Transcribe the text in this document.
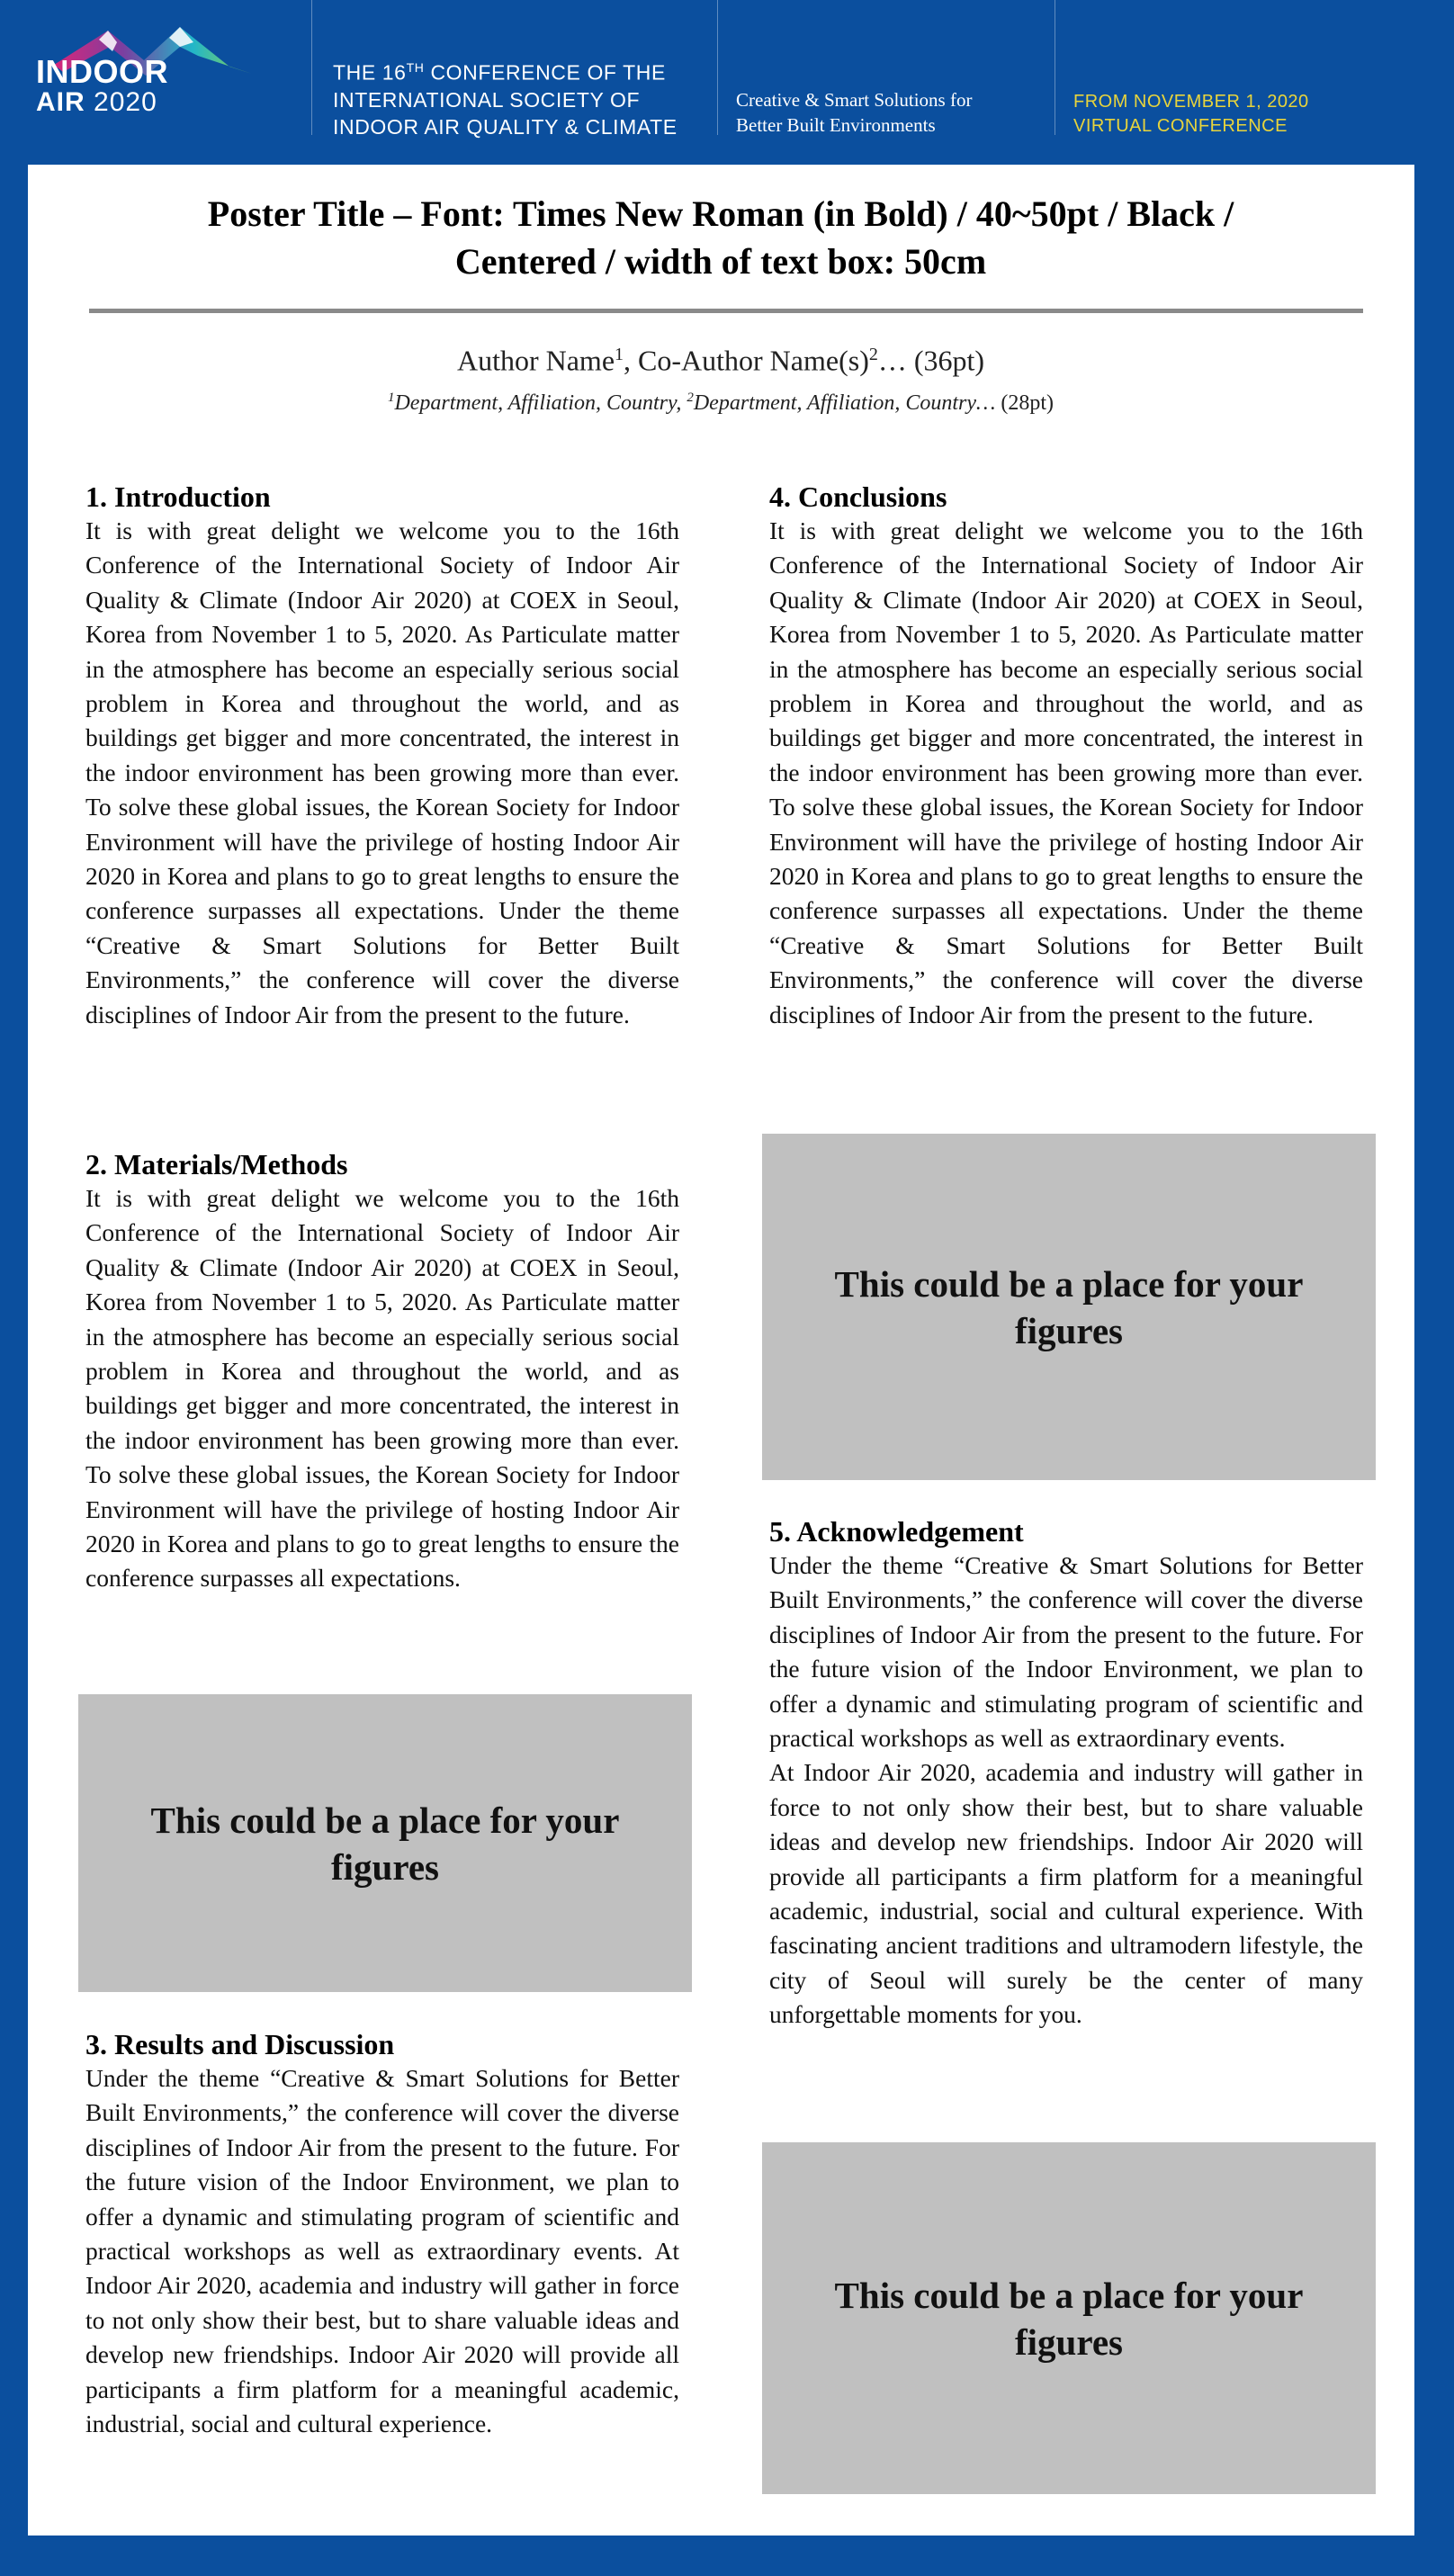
INDOOR
AIR 2020
THE 16TH CONFERENCE OF THE
INTERNATIONAL SOCIETY OF
INDOOR AIR QUALITY & CLIMATE
Creative & Smart Solutions for
Better Built Environments
FROM NOVEMBER 1, 2020
VIRTUAL CONFERENCE
Poster Title – Font: Times New Roman (in Bold) / 40~50pt / Black /
Centered / width of text box: 50cm
Author Name$^1$, Co-Author $Name(s)^2\dots$ (36pt)
$^1$Department, Affiliation, Country, $^2$Department, Affiliation, Country… (28pt)
1. Introduction

It is with great delight we welcome you to the 16th Conference of the International Society of Indoor Air Quality & Climate (Indoor Air 2020) at COEX in Seoul, Korea from November 1 to 5, 2020. As Particulate matter in the atmosphere has become an especially serious social problem in Korea and throughout the world, and as buildings get bigger and more concentrated, the interest in the indoor environment has been growing more than ever. To solve these global issues, the Korean Society for Indoor Environment will have the privilege of hosting Indoor Air 2020 in Korea and plans to go to great lengths to ensure the conference surpasses all expectations. Under the theme “Creative & Smart Solutions for Better Built Environments,” the conference will cover the diverse disciplines of Indoor Air from the present to the future.

2. Materials/Methods

It is with great delight we welcome you to the 16th Conference of the International Society of Indoor Air Quality & Climate (Indoor Air 2020) at COEX in Seoul, Korea from November 1 to 5, 2020. As Particulate matter in the atmosphere has become an especially serious social problem in Korea and throughout the world, and as buildings get bigger and more concentrated, the interest in the indoor environment has been growing more than ever. To solve these global issues, the Korean Society for Indoor Environment will have the privilege of hosting Indoor Air 2020 in Korea and plans to go to great lengths to ensure the conference surpasses all expectations.

This could be a place for your figures
3. Results and Discussion

Under the theme “Creative & Smart Solutions for Better Built Environments,” the conference will cover the diverse disciplines of Indoor Air from the present to the future. For the future vision of the Indoor Environment, we plan to offer a dynamic and stimulating program of scientific and practical workshops as well as extraordinary events. At Indoor Air 2020, academia and industry will gather in force to not only show their best, but to share valuable ideas and develop new friendships. Indoor Air 2020 will provide all participants a firm platform for a meaningful academic, industrial, social and cultural experience.

4. Conclusions

It is with great delight we welcome you to the 16th Conference of the International Society of Indoor Air Quality & Climate (Indoor Air 2020) at COEX in Seoul, Korea from November 1 to 5, 2020. As Particulate matter in the atmosphere has become an especially serious social problem in Korea and throughout the world, and as buildings get bigger and more concentrated, the interest in the indoor environment has been growing more than ever. To solve these global issues, the Korean Society for Indoor Environment will have the privilege of hosting Indoor Air 2020 in Korea and plans to go to great lengths to ensure the conference surpasses all expectations. Under the theme “Creative & Smart Solutions for Better Built Environments,” the conference will cover the diverse disciplines of Indoor Air from the present to the future.

This could be a place for your figures
5. Acknowledgement

Under the theme “Creative & Smart Solutions for Better Built Environments,” the conference will cover the diverse disciplines of Indoor Air from the present to the future. For the future vision of the Indoor Environment, we plan to offer a dynamic and stimulating program of scientific and practical workshops as well as extraordinary events.

At Indoor Air 2020, academia and industry will gather in force to not only show their best, but to share valuable ideas and develop new friendships. Indoor Air 2020 will provide all participants a firm platform for a meaningful academic, industrial, social and cultural experience. With fascinating ancient traditions and ultramodern lifestyle, the city of Seoul will surely be the center of many unforgettable moments for you.

This could be a place for your figures
